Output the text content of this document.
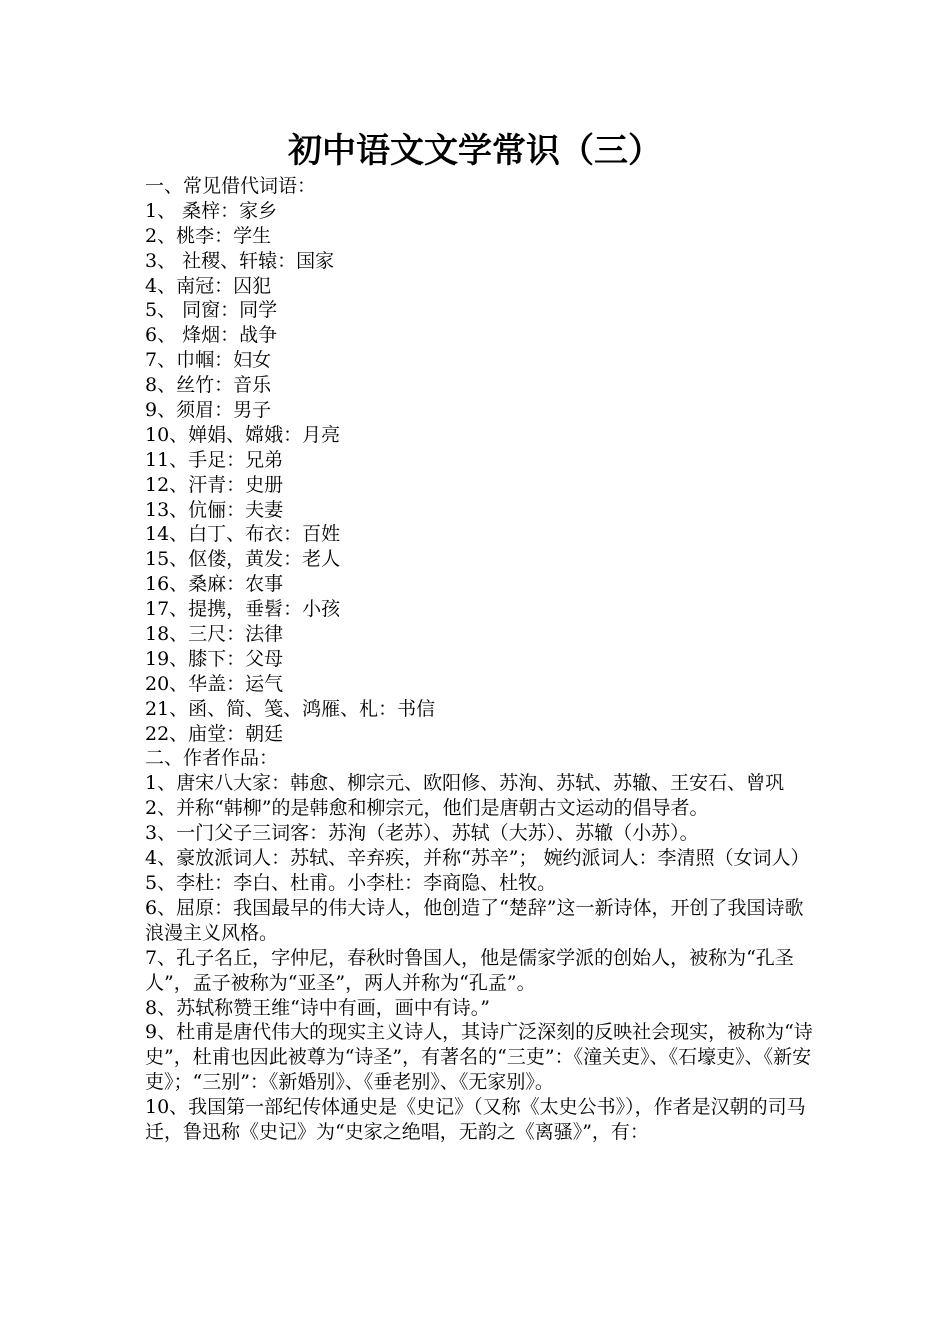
初中语文文学常识（三）
一、常见借代词语：
1、 桑梓：家乡
2、桃李：学生
3、 社稷、轩辕：国家
4、南冠：囚犯
5、 同窗：同学
6、 烽烟：战争
7、巾帼：妇女
8、丝竹：音乐
9、须眉：男子
10、婵娟、嫦娥：月亮
11、手足：兄弟
12、汗青：史册
13、伉俪：夫妻
14、白丁、布衣：百姓
15、伛偻，黄发：老人
16、桑麻：农事
17、提携，垂髫：小孩
18、三尺：法律
19、膝下：父母
20、华盖：运气
21、函、简、笺、鸿雁、札：书信
22、庙堂：朝廷
二、作者作品：
1、唐宋八大家：韩愈、柳宗元、欧阳修、苏洵、苏轼、苏辙、王安石、曾巩
2、并称“韩柳”的是韩愈和柳宗元，他们是唐朝古文运动的倡导者。
3、一门父子三词客：苏洵（老苏）、苏轼（大苏）、苏辙（小苏）。
4、豪放派词人：苏轼、辛弃疾，并称“苏辛”； 婉约派词人：李清照（女词人）
5、李杜：李白、杜甫。小李杜：李商隐、杜牧。
6、屈原：我国最早的伟大诗人，他创造了“楚辞”这一新诗体，开创了我国诗歌浪漫主义风格。
7、孔子名丘，字仲尼，春秋时鲁国人，他是儒家学派的创始人，被称为“孔圣人”，孟子被称为“亚圣”，两人并称为“孔孟”。
8、苏轼称赞王维“诗中有画，画中有诗。”
9、杜甫是唐代伟大的现实主义诗人，其诗广泛深刻的反映社会现实，被称为“诗史”，杜甫也因此被尊为“诗圣”，有著名的“三吏”：《潼关吏》、《石壕吏》、《新安吏》；“三别”：《新婚别》、《垂老别》、《无家别》。
10、我国第一部纪传体通史是《史记》（又称《太史公书》），作者是汉朝的司马迁，鲁迅称《史记》为“史家之绝唱，无韵之《离骚》”，有：
